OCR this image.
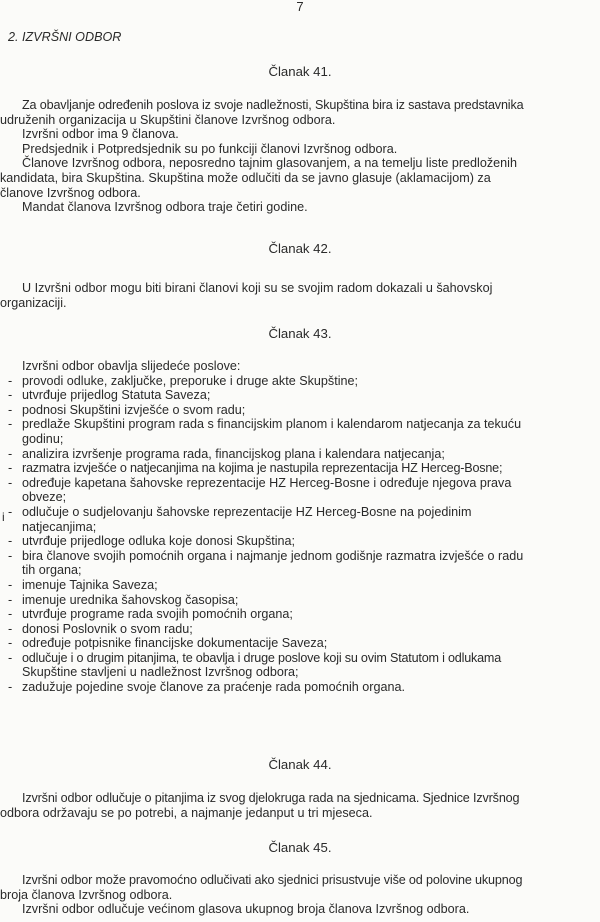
7
2. IZVRŠNI ODBOR
Članak 41.
Za obavljanje određenih poslova iz svoje nadležnosti, Skupština bira iz sastava predstavnika
udruženih organizacija u Skupštini članove Izvršnog odbora.
Izvršni odbor ima 9 članova.
Predsjednik i Potpredsjednik su po funkciji članovi Izvršnog odbora.
Članove Izvršnog odbora, neposredno tajnim glasovanjem, a na temelju liste predloženih
kandidata, bira Skupština. Skupština može odlučiti da se javno glasuje (aklamacijom) za
članove Izvršnog odbora.
Mandat članova Izvršnog odbora traje četiri godine.
Članak 42.
U Izvršni odbor mogu biti birani članovi koji su se svojim radom dokazali u šahovskoj
organizaciji.
Članak 43.
Izvršni odbor obavlja slijedeće poslove:
- provodi odluke, zaključke, preporuke i druge akte Skupštine;
- utvrđuje prijedlog Statuta Saveza;
- podnosi Skupštini izvješće o svom radu;
- predlaže Skupštini program rada s financijskim planom i kalendarom natjecanja za tekuću
godinu;
- analizira izvršenje programa rada, financijskog plana i kalendara natjecanja;
- razmatra izvješće o natjecanjima na kojima je nastupila reprezentacija HZ Herceg-Bosne;
- određuje kapetana šahovske reprezentacije HZ Herceg-Bosne i određuje njegova prava
obveze;
- odlučuje o sudjelovanju šahovske reprezentacije HZ Herceg-Bosne na pojedinim
natjecanjima;
- utvrđuje prijedloge odluka koje donosi Skupština;
- bira članove svojih pomoćnih organa i najmanje jednom godišnje razmatra izvješće o radu
tih organa;
- imenuje Tajnika Saveza;
- imenuje urednika šahovskog časopisa;
- utvrđuje programe rada svojih pomoćnih organa;
- donosi Poslovnik o svom radu;
- određuje potpisnike financijske dokumentacije Saveza;
- odlučuje i o drugim pitanjima, te obavlja i druge poslove koji su ovim Statutom i odlukama
Skupštine stavljeni u nadležnost Izvršnog odbora;
- zadužuje pojedine svoje članove za praćenje rada pomoćnih organa.
i
Članak 44.
Izvršni odbor odlučuje o pitanjima iz svog djelokruga rada na sjednicama. Sjednice Izvršnog
odbora održavaju se po potrebi, a najmanje jedanput u tri mjeseca.
Članak 45.
Izvršni odbor može pravomoćno odlučivati ako sjednici prisustvuje više od polovine ukupnog
broja članova Izvršnog odbora.
Izvršni odbor odlučuje većinom glasova ukupnog broja članova Izvršnog odbora.
